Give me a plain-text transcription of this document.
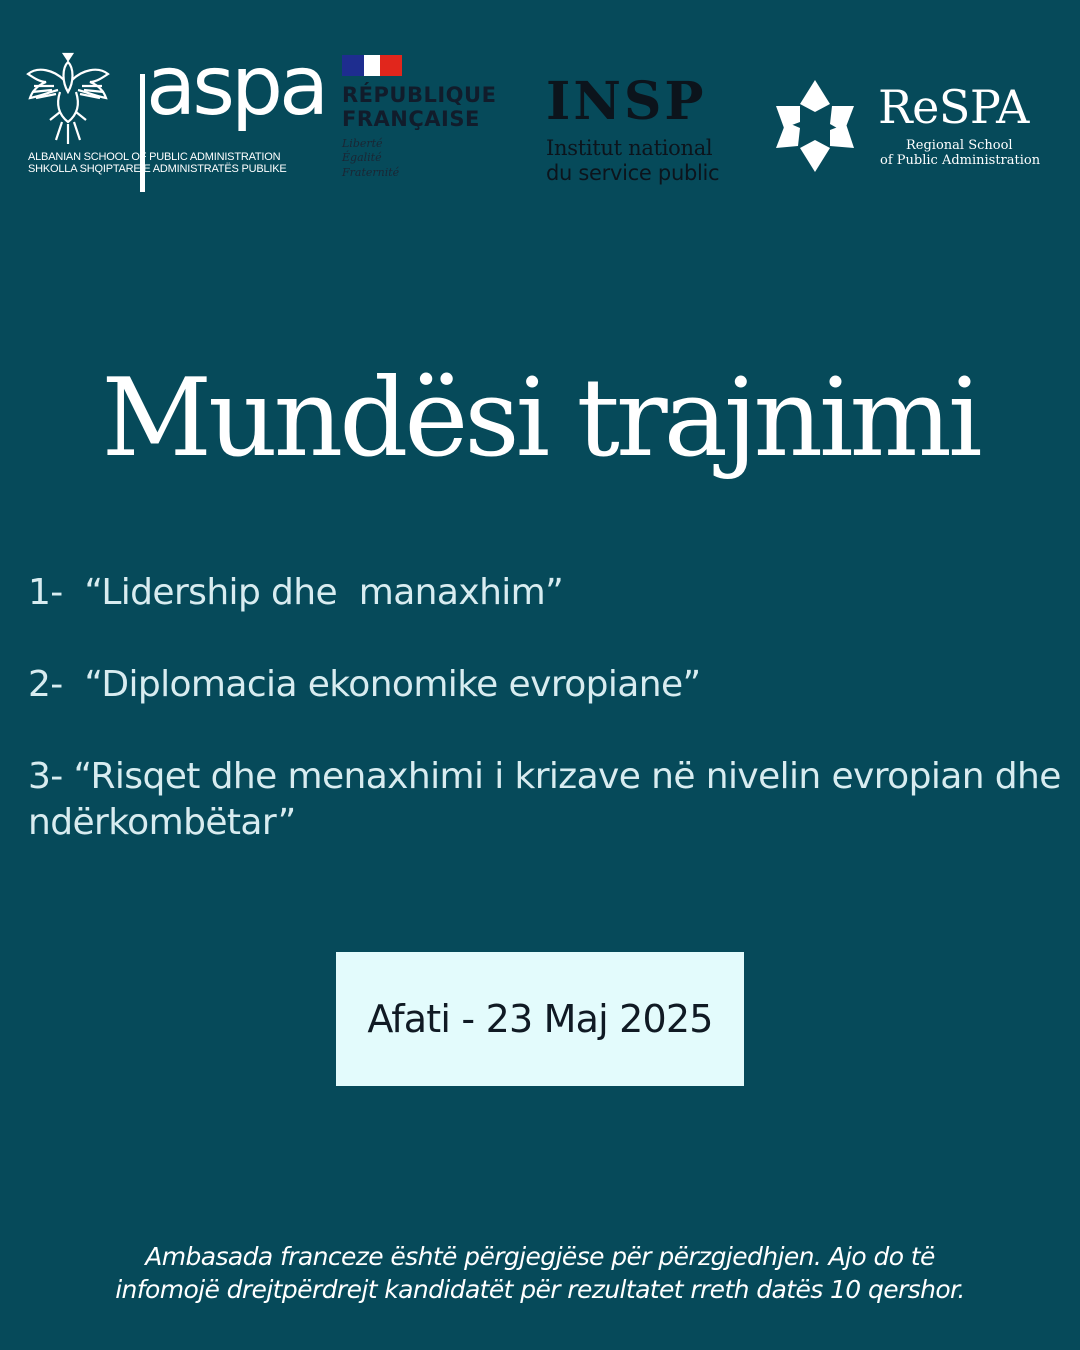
aspa
ALBANIAN SCHOOL OF PUBLIC ADMINISTRATION
SHKOLLA SHQIPTARE E ADMINISTRATËS PUBLIKE
RÉPUBLIQUE
FRANÇAISE
Liberté
Égalité
Fraternité
INSP
Institut national
du service public
ReSPA
Regional School
of Public Administration
Mundësi trajnimi
1-  “Lidership dhe  manaxhim”
2-  “Diplomacia ekonomike evropiane”
3- “Risqet dhe menaxhimi i krizave në nivelin evropian dhe ndërkombëtar”
Afati - 23 Maj 2025
Ambasada franceze është përgjegjëse për përzgjedhjen. Ajo do të
infomojë drejtpërdrejt kandidatët për rezultatet rreth datës 10 qershor.
